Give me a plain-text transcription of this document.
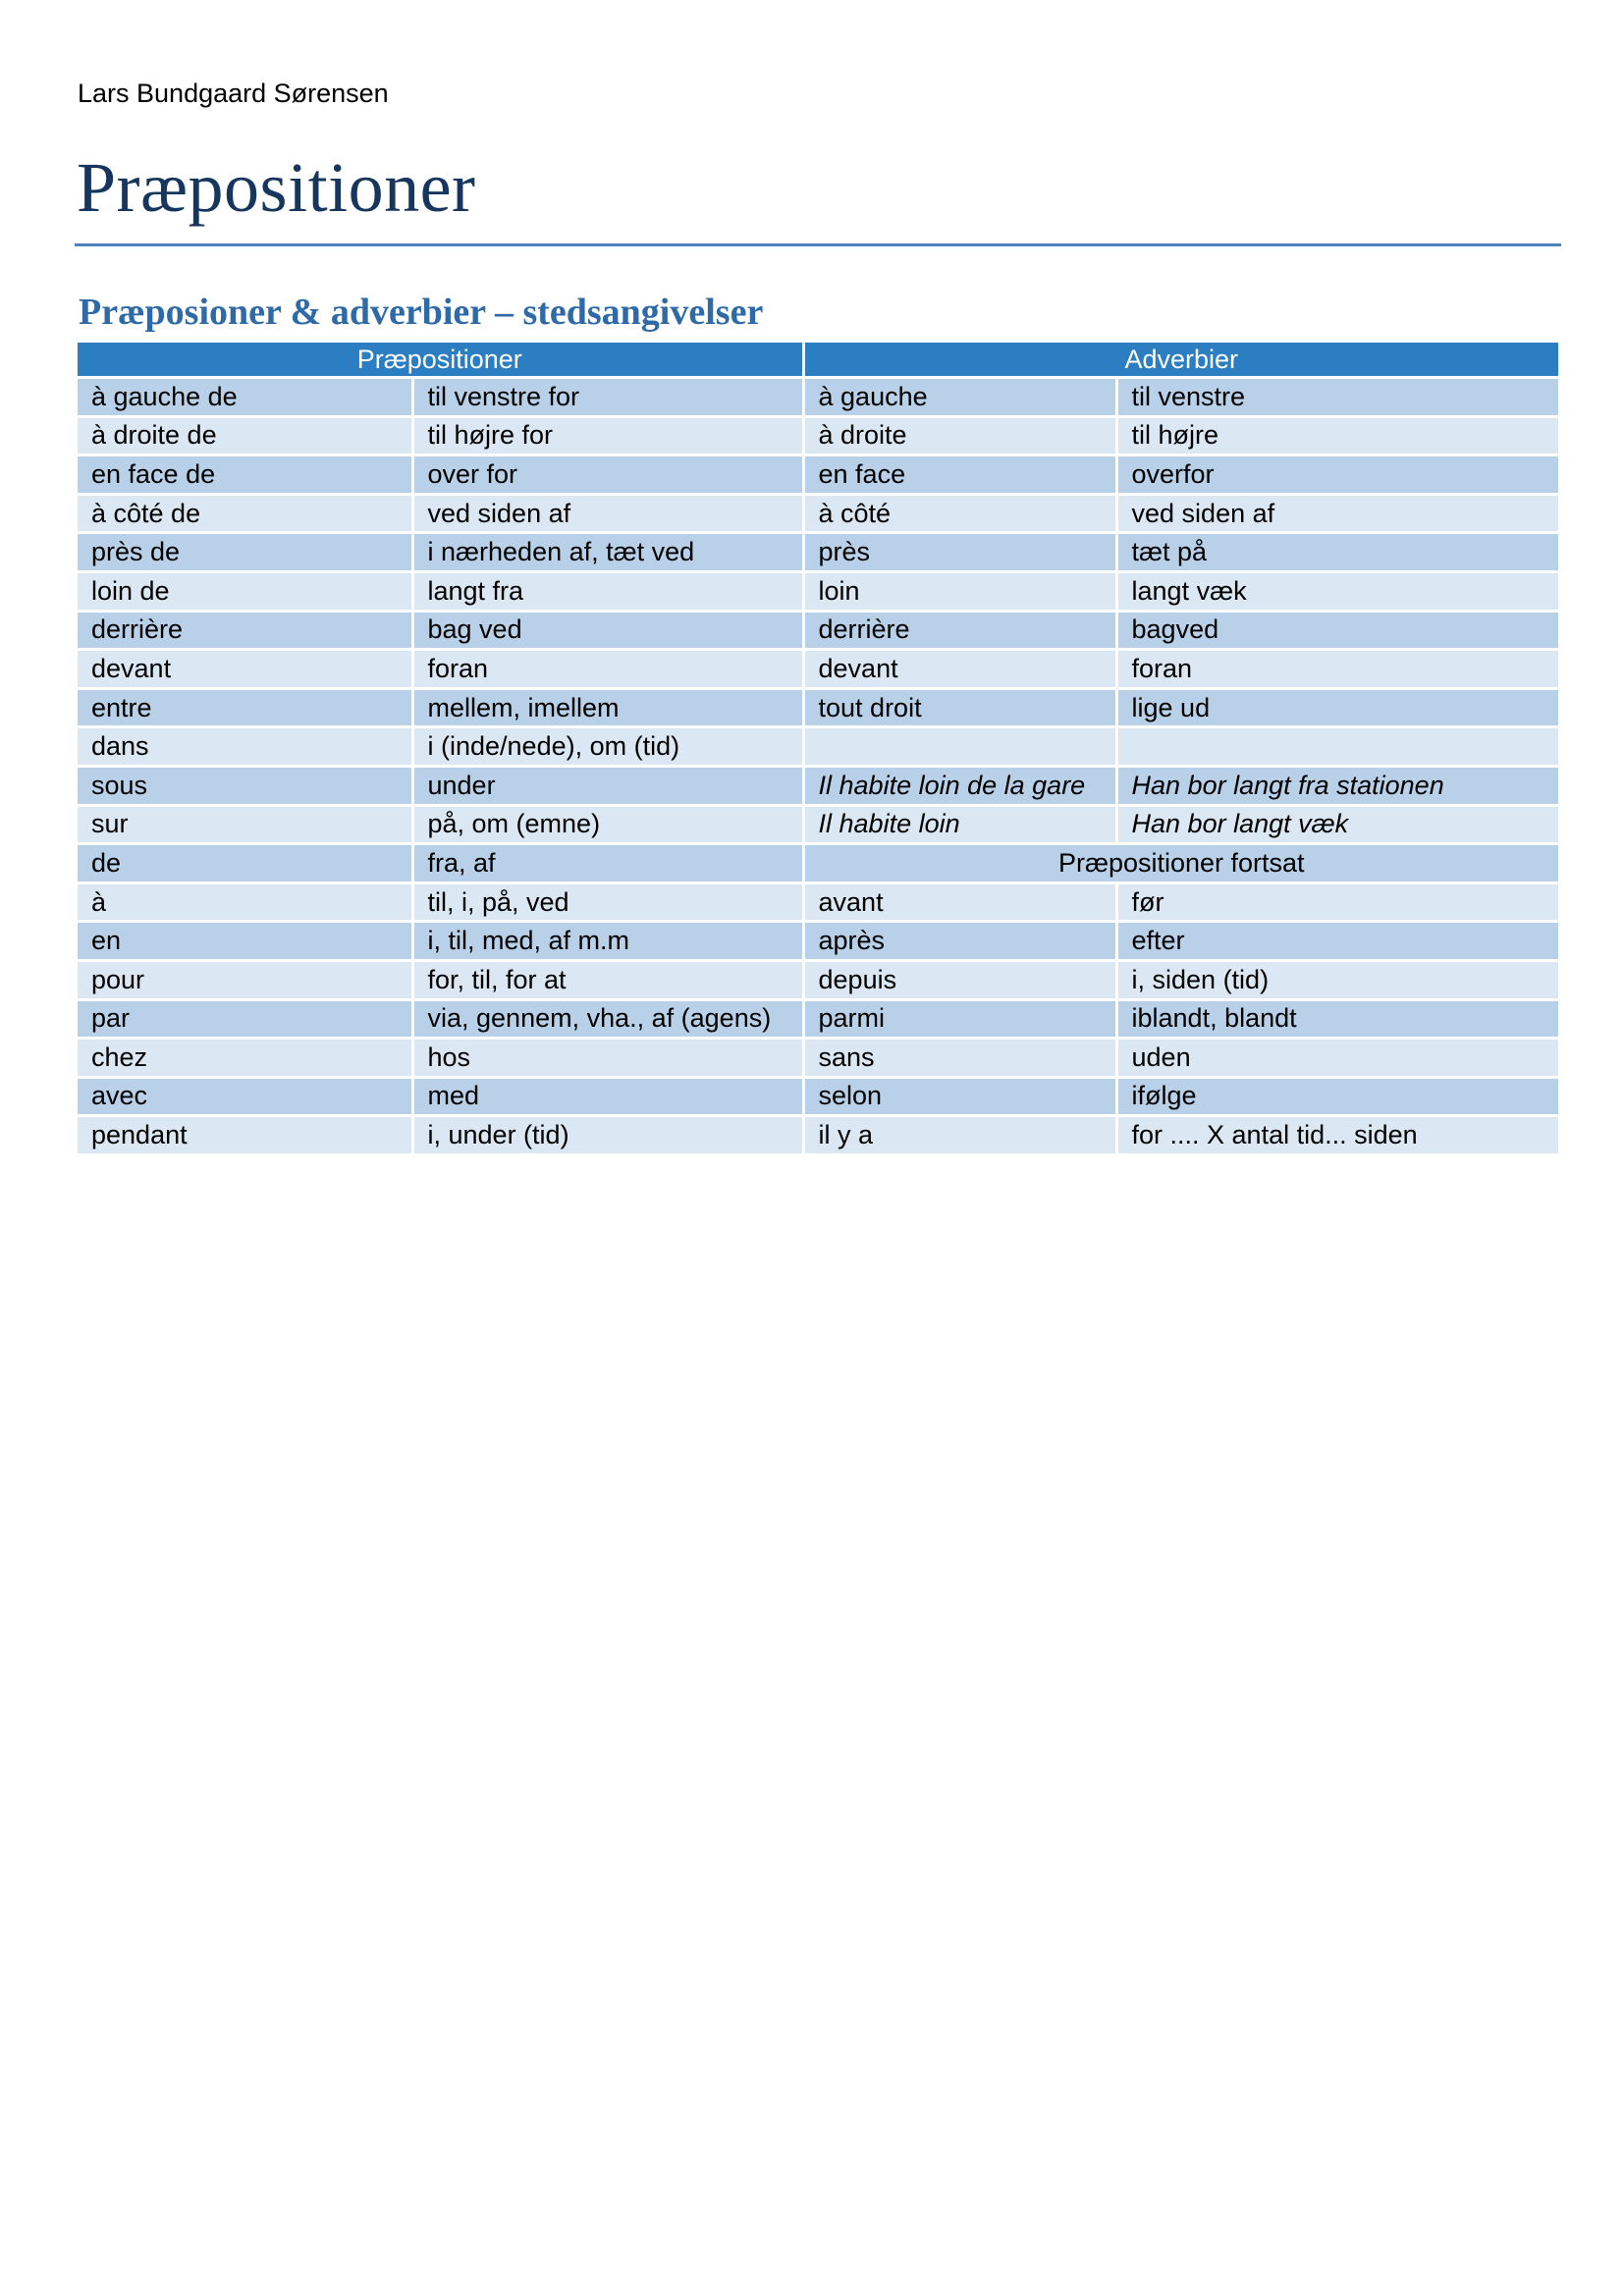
Lars Bundgaard Sørensen
Præpositioner
Præposioner & adverbier – stedsangivelser
Præpositioner		Adverbier	
à gauche de	til venstre for	à gauche	til venstre
à droite de	til højre for	à droite	til højre
en face de	over for	en face	overfor
à côté de	ved siden af	à côté	ved siden af
près de	i nærheden af, tæt ved	près	tæt på
loin de	langt fra	loin	langt væk
derrière	bag ved	derrière	bagved
devant	foran	devant	foran
entre	mellem, imellem	tout droit	lige ud
dans	i (inde/nede), om (tid)		
sous	under	Il habite loin de la gare	Han bor langt fra stationen
sur	på, om (emne)	Il habite loin	Han bor langt væk
de	fra, af	Præpositioner fortsat	
à	til, i, på, ved	avant	før
en	i, til, med, af m.m	après	efter
pour	for, til, for at	depuis	i, siden (tid)
par	via, gennem, vha., af (agens)	parmi	iblandt, blandt
chez	hos	sans	uden
avec	med	selon	ifølge
pendant	i, under (tid)	il y a	for .... X antal tid... siden
